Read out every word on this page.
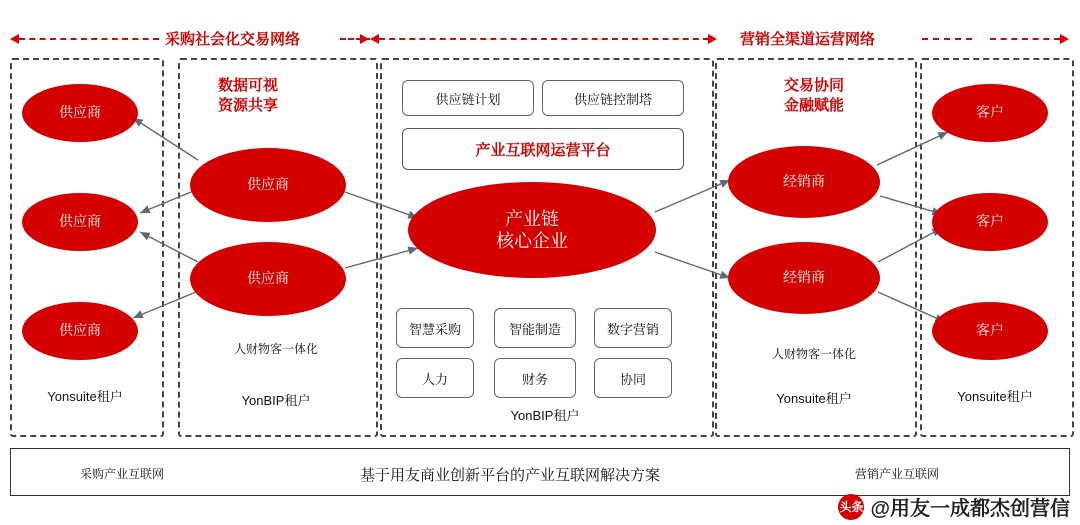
采购社会化交易网络	营销全渠道运营网络
供应商
供应商
供应商
Yonsuite租户
数据可视
资源共享
供应商
供应商
人财物客一体化
YonBIP租户
供应链计划	供应链控制塔
产业互联网运营平台
产业链
核心企业
智慧采购	智能制造	数字营销
人力	财务	协同
YonBIP租户
交易协同
金融赋能
经销商
经销商
人财物客一体化
Yonsuite租户
客户
客户
客户
Yonsuite租户
采购产业互联网	基于用友商业创新平台的产业互联网解决方案	营销产业互联网
头条 @用友一成都杰创营信
